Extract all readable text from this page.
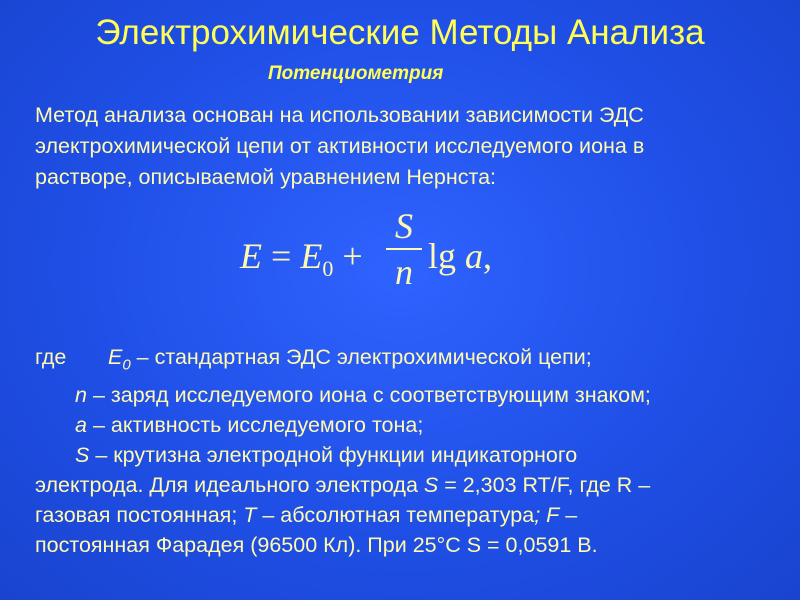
Электрохимические Методы Анализа
Потенциометрия
Метод анализа основан на использовании зависимости ЭДС
электрохимической цепи от активности исследуемого иона в
растворе, описываемой уравнением Нернста:
$E = E_0$ +
S
n lg a,
где $E_0$ – стандартная ЭДС электрохимической цепи;
n – заряд исследуемого иона с соответствующим знаком;
a – активность исследуемого тона;
S – крутизна электродной функции индикаторного
электрода. Для идеального электрода S = 2,303 RT/F, где R –
газовая постоянная; T – абсолютная температура; F –
постоянная Фарадея (96500 Кл). При 25°С S = 0,0591 В.
